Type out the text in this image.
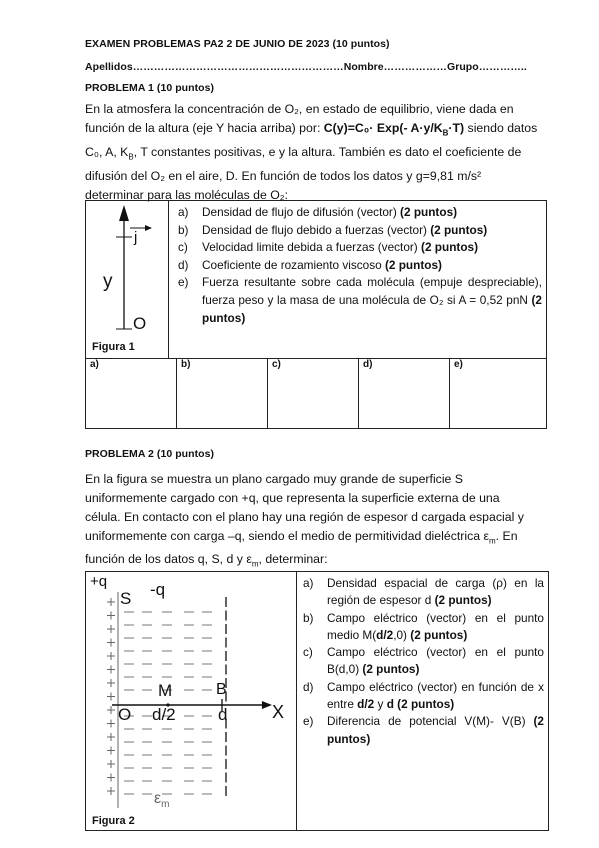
EXAMEN PROBLEMAS PA2 2 DE JUNIO DE 2023 (10 puntos)
Apellidos……………………………………………………Nombre………………Grupo…………..
PROBLEMA 1 (10 puntos)
En la atmosfera la concentración de O₂, en estado de equilibrio, viene dada en
función de la altura (eje Y hacia arriba) por: C(y)=C₀· Exp(- $A\cdot y/K_B\cdot T$) siendo datos
C₀, A, $K_B$, T constantes positivas, e y la altura. También es dato el coeficiente de
difusión del O₂ en el aire, D. En función de todos los datos y g=9,81 m/s²
determinar para las moléculas de O₂:
j
y
O
Figura 1
a) Densidad de flujo de difusión (vector) (2 puntos)
b) Densidad de flujo debido a fuerzas (vector) (2 puntos)
c) Velocidad limite debida a fuerzas (vector) (2 puntos)
d) Coeficiente de rozamiento viscoso (2 puntos)
e) Fuerza resultante sobre cada molécula (empuje despreciable), fuerza peso y la masa de una molécula de O₂ si A = 0,52 pnN (2 puntos)
a)	b)	c)	d)	e)
PROBLEMA 2 (10 puntos)
En la figura se muestra un plano cargado muy grande de superficie S
uniformemente cargado con +q, que representa la superficie externa de una
célula. En contacto con el plano hay una región de espesor d cargada espacial y
uniformemente con carga –q, siendo el medio de permitividad dieléctrica $\varepsilon_m$. En
función de los datos q, S, d y $\varepsilon_m$, determinar:
+q	-q
S
M	B
O d/2 d X
$\varepsilon_m$
Figura 2
a) Densidad espacial de carga (ρ) en la región de espesor d (2 puntos)
b) Campo eléctrico (vector) en el punto medio M(d/2,0) (2 puntos)
c) Campo eléctrico (vector) en el punto B(d,0) (2 puntos)
d) Campo eléctrico (vector) en función de x entre d/2 y d (2 puntos)
e) Diferencia de potencial V(M)- V(B) (2 puntos)
